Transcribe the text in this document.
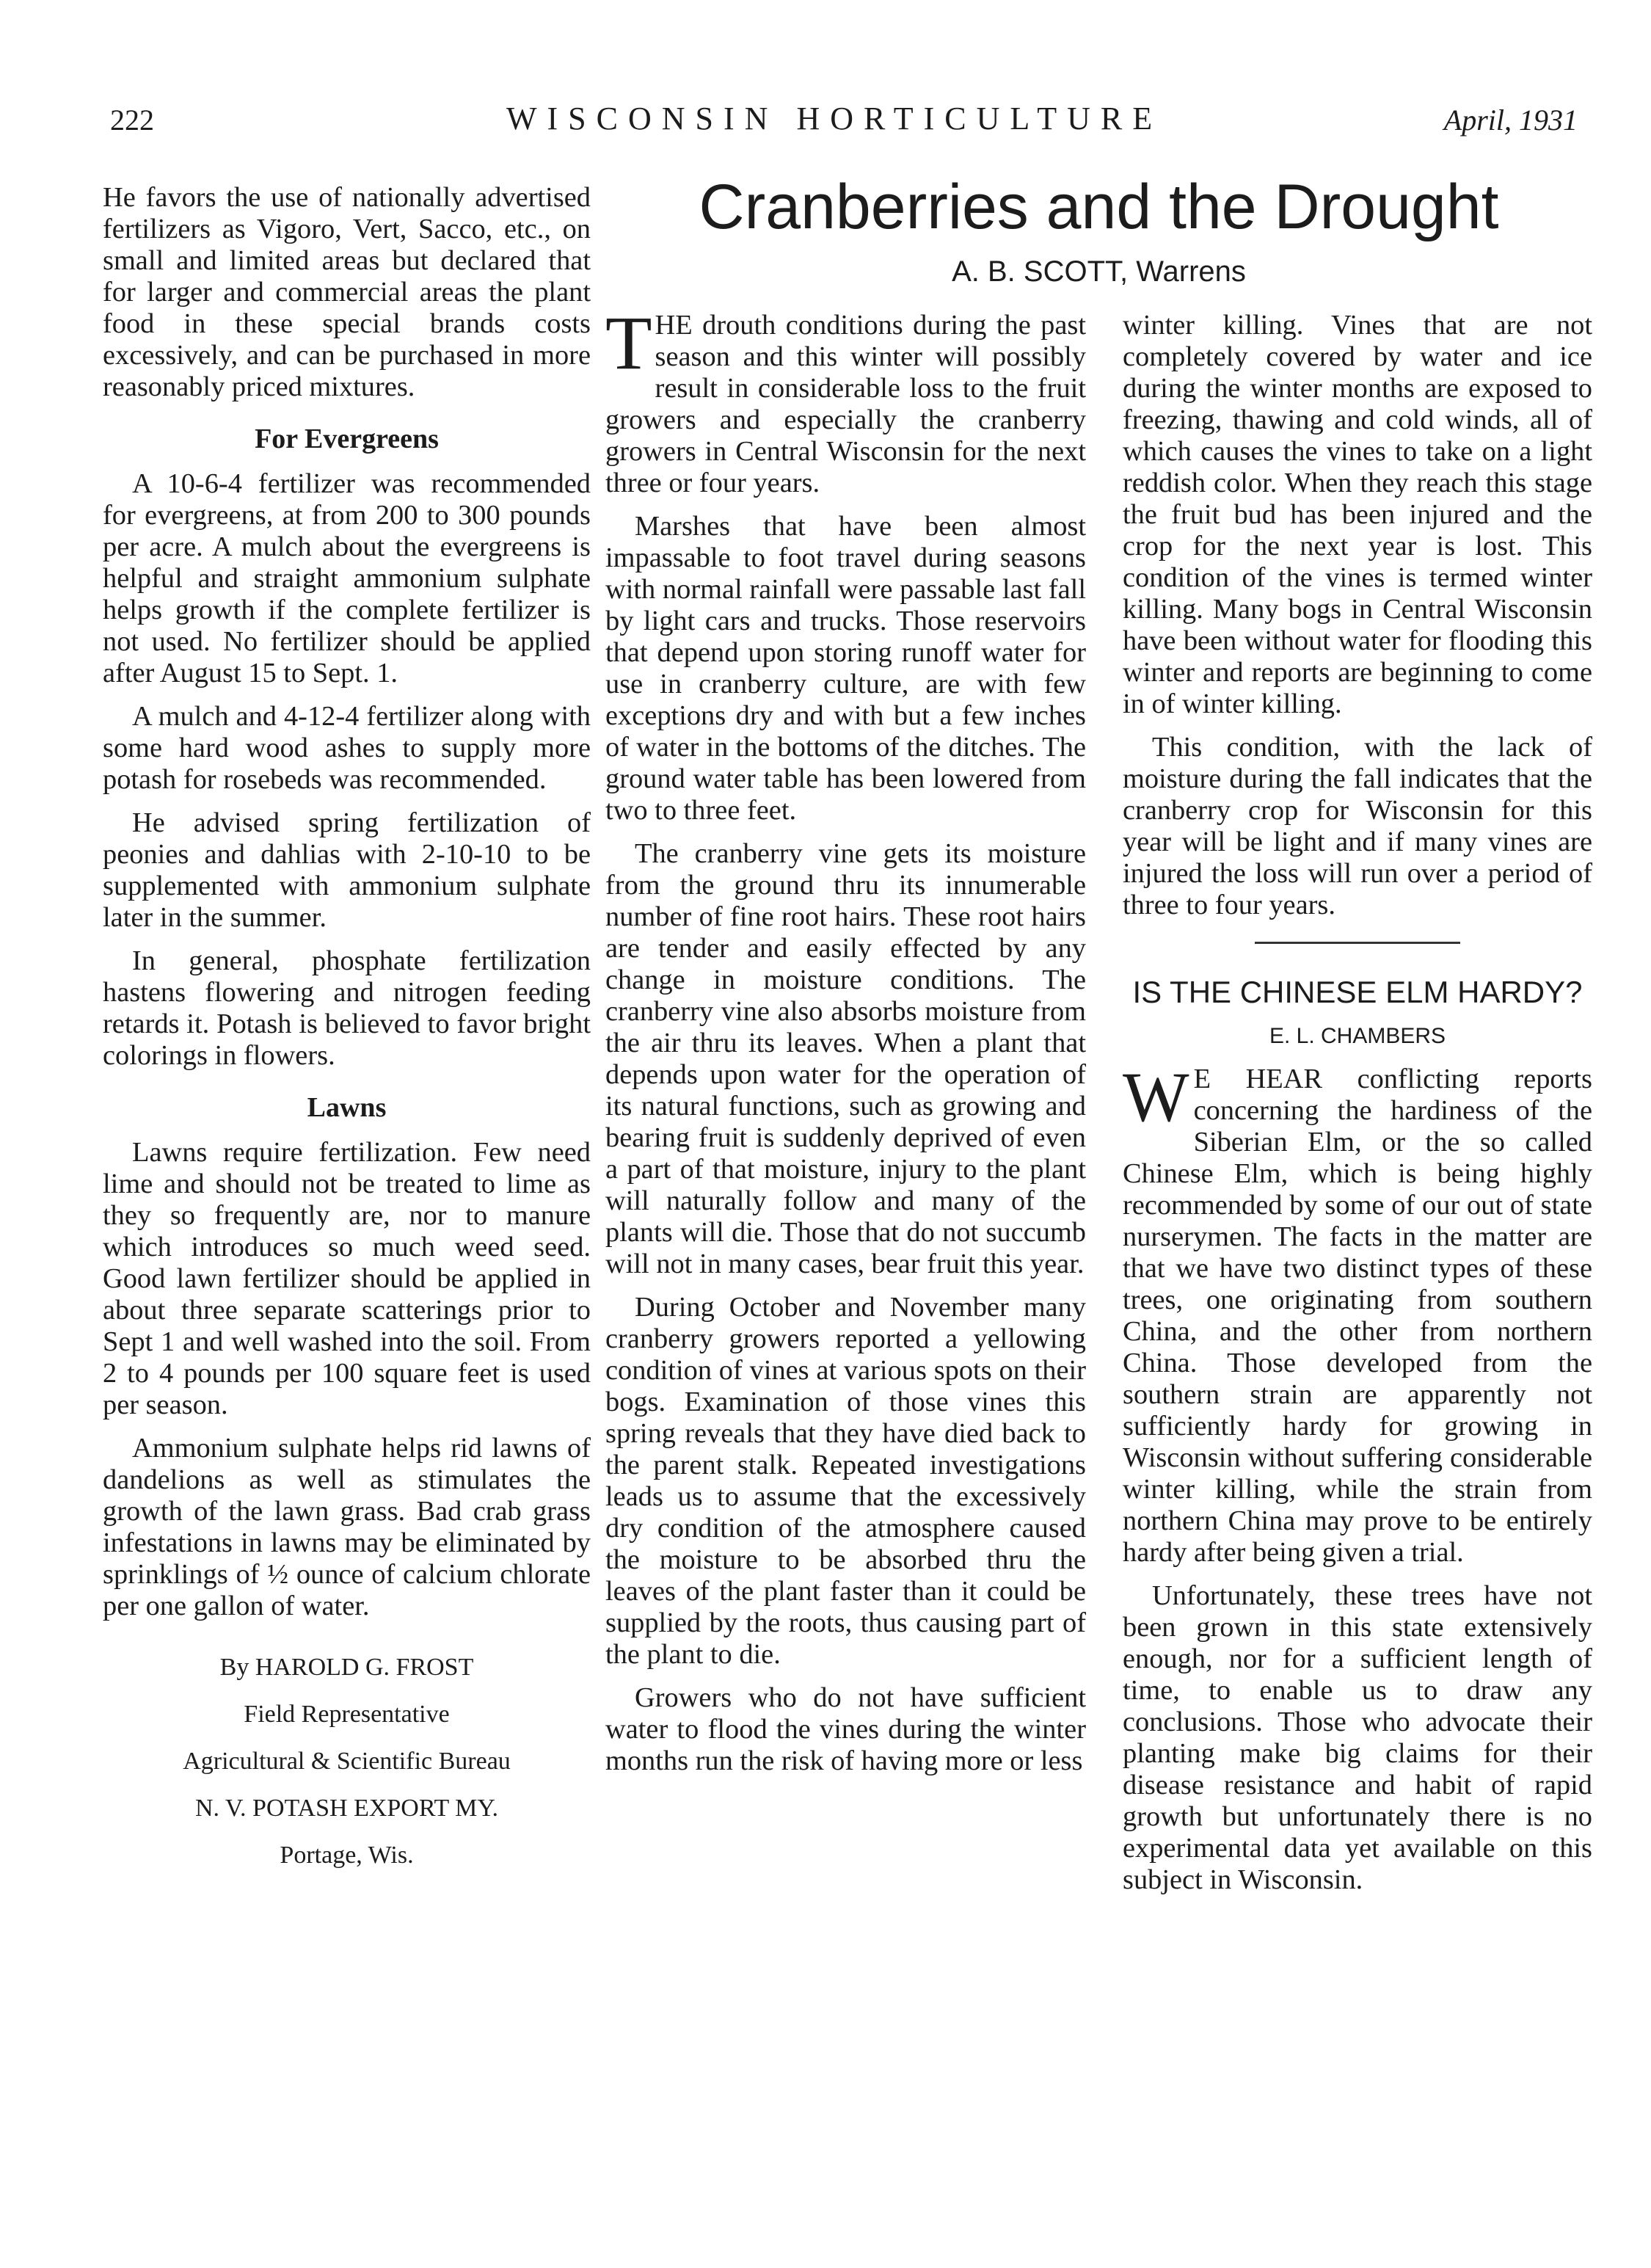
222	WISCONSIN HORTICULTURE	April, 1931

He favors the use of nationally advertised fertilizers as Vigoro, Vert, Sacco, etc., on small and limited areas but declared that for larger and commercial areas the plant food in these special brands costs excessively, and can be purchased in more reasonably priced mixtures.

For Evergreens

A 10-6-4 fertilizer was recommended for evergreens, at from 200 to 300 pounds per acre. A mulch about the evergreens is helpful and straight ammonium sulphate helps growth if the complete fertilizer is not used. No fertilizer should be applied after August 15 to Sept. 1.

A mulch and 4-12-4 fertilizer along with some hard wood ashes to supply more potash for rosebeds was recommended.

He advised spring fertilization of peonies and dahlias with 2-10-10 to be supplemented with ammonium sulphate later in the summer.

In general, phosphate fertilization hastens flowering and nitrogen feeding retards it. Potash is believed to favor bright colorings in flowers.

Lawns

Lawns require fertilization. Few need lime and should not be treated to lime as they so frequently are, nor to manure which introduces so much weed seed. Good lawn fertilizer should be applied in about three separate scatterings prior to Sept 1 and well washed into the soil. From 2 to 4 pounds per 100 square feet is used per season.

Ammonium sulphate helps rid lawns of dandelions as well as stimulates the growth of the lawn grass. Bad crab grass infestations in lawns may be eliminated by sprinklings of ½ ounce of calcium chlorate per one gallon of water.

By HAROLD G. FROST
Field Representative
Agricultural & Scientific Bureau
N. V. POTASH EXPORT MY.
Portage, Wis.
Cranberries and the Drought
A. B. SCOTT, Warrens

THE drouth conditions during the past season and this winter will possibly result in considerable loss to the fruit growers and especially the cranberry growers in Central Wisconsin for the next three or four years.

Marshes that have been almost impassable to foot travel during seasons with normal rainfall were passable last fall by light cars and trucks. Those reservoirs that depend upon storing runoff water for use in cranberry culture, are with few exceptions dry and with but a few inches of water in the bottoms of the ditches. The ground water table has been lowered from two to three feet.

The cranberry vine gets its moisture from the ground thru its innumerable number of fine root hairs. These root hairs are tender and easily effected by any change in moisture conditions. The cranberry vine also absorbs moisture from the air thru its leaves. When a plant that depends upon water for the operation of its natural functions, such as growing and bearing fruit is suddenly deprived of even a part of that moisture, injury to the plant will naturally follow and many of the plants will die. Those that do not succumb will not in many cases, bear fruit this year.

During October and November many cranberry growers reported a yellowing condition of vines at various spots on their bogs. Examination of those vines this spring reveals that they have died back to the parent stalk. Repeated investigations leads us to assume that the excessively dry condition of the atmosphere caused the moisture to be absorbed thru the leaves of the plant faster than it could be supplied by the roots, thus causing part of the plant to die.

Growers who do not have sufficient water to flood the vines during the winter months run the risk of having more or less

winter killing. Vines that are not completely covered by water and ice during the winter months are exposed to freezing, thawing and cold winds, all of which causes the vines to take on a light reddish color. When they reach this stage the fruit bud has been injured and the crop for the next year is lost. This condition of the vines is termed winter killing. Many bogs in Central Wisconsin have been without water for flooding this winter and reports are beginning to come in of winter killing.

This condition, with the lack of moisture during the fall indicates that the cranberry crop for Wisconsin for this year will be light and if many vines are injured the loss will run over a period of three to four years.

IS THE CHINESE ELM HARDY?
E. L. CHAMBERS

W E HEAR conflicting reports concerning the hardiness of the Siberian Elm, or the so called Chinese Elm, which is being highly recommended by some of our out of state nurserymen. The facts in the matter are that we have two distinct types of these trees, one originating from southern China, and the other from northern China. Those developed from the southern strain are apparently not sufficiently hardy for growing in Wisconsin without suffering considerable winter killing, while the strain from northern China may prove to be entirely hardy after being given a trial.

Unfortunately, these trees have not been grown in this state extensively enough, nor for a sufficient length of time, to enable us to draw any conclusions. Those who advocate their planting make big claims for their disease resistance and habit of rapid growth but unfortunately there is no experimental data yet available on this subject in Wisconsin.
